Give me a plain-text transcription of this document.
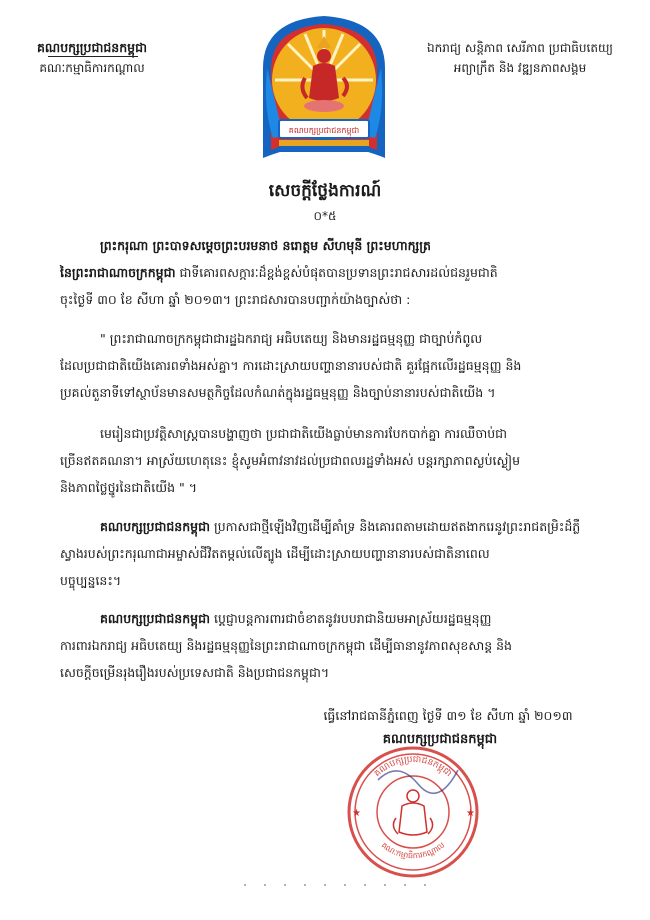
គណបក្សប្រជាជនកម្ពុជា
គណៈកម្មាធិការកណ្តាល
ឯករាជ្យ សន្តិភាព សេរីភាព ប្រជាធិបតេយ្យ
អព្យាក្រឹត និង វឌ្ឍនភាពសង្គម
គណបក្សប្រជាជនកម្ពុជា
សេចក្តីថ្លែងការណ៍
០*៥
ព្រះករុណា ព្រះបាទសម្តេចព្រះបរមនាថ នរោត្តម សីហមុនី ព្រះមហាក្សត្រ
នៃព្រះរាជាណាចក្រកម្ពុជា ជាទីគោរពសក្ការៈដ៏ខ្ពង់ខ្ពស់បំផុតបានប្រទានព្រះរាជសារដល់ជនរួមជាតិ
ចុះថ្ងៃទី ៣០ ខែ សីហា ឆ្នាំ ២០១៣។ ព្រះរាជសារបានបញ្ជាក់យ៉ាងច្បាស់ថា :
" ព្រះរាជាណាចក្រកម្ពុជាជារដ្ឋឯករាជ្យ អធិបតេយ្យ និងមានរដ្ឋធម្មនុញ្ញ ជាច្បាប់កំពូល
ដែលប្រជាជាតិយើងគោរពទាំងអស់គ្នា។ ការដោះស្រាយបញ្ហានានារបស់ជាតិ គួរផ្អែកលើរដ្ឋធម្មនុញ្ញ និង
ប្រគល់តួនាទីទៅស្ថាប័នមានសមត្ថកិច្ចដែលកំណត់ក្នុងរដ្ឋធម្មនុញ្ញ និងច្បាប់នានារបស់ជាតិយើង ។
មេរៀនជាប្រវត្តិសាស្ត្របានបង្ហាញថា ប្រជាជាតិយើងធ្លាប់មានការបែកបាក់គ្នា ការឈឺចាប់ជា
ច្រើនឥតគណនា។ អាស្រ័យហេតុនេះ ខ្ញុំសូមអំពាវនាវដល់ប្រជាពលរដ្ឋទាំងអស់ បន្តរក្សាភាពស្ងប់ស្ងៀម
និងភាពថ្លៃថ្នូរនៃជាតិយើង " ។
គណបក្សប្រជាជនកម្ពុជា ប្រកាសជាថ្មីឡើងវិញដើម្បីគាំទ្រ និងគោរពតាមដោយឥតងាករេនូវព្រះរាជតម្រិះដ៏ភ្លឺ
ស្វាងរបស់ព្រះករុណាជាអម្ចាស់ជីវិតតម្កល់លើត្បូង ដើម្បីដោះស្រាយបញ្ហានានារបស់ជាតិនាពេល
បច្ចុប្បន្ននេះ។
គណបក្សប្រជាជនកម្ពុជា ប្តេជ្ញាបន្តការពារជាចំខាតនូវរបបរាជានិយមអាស្រ័យរដ្ឋធម្មនុញ្ញ
ការពារឯករាជ្យ អធិបតេយ្យ និងរដ្ឋធម្មនុញ្ញនៃព្រះរាជាណាចក្រកម្ពុជា ដើម្បីធានានូវភាពសុខសាន្ត និង
សេចក្តីចម្រើនរុងរឿងរបស់ប្រទេសជាតិ និងប្រជាជនកម្ពុជា។
ធ្វើនៅរាជធានីភ្នំពេញ ថ្ងៃទី ៣១ ខែ សីហា ឆ្នាំ ២០១៣
គណបក្សប្រជាជនកម្ពុជា
គណបក្សប្រជាជនកម្ពុជា
គណៈកម្មាធិការកណ្តាល
★	★
